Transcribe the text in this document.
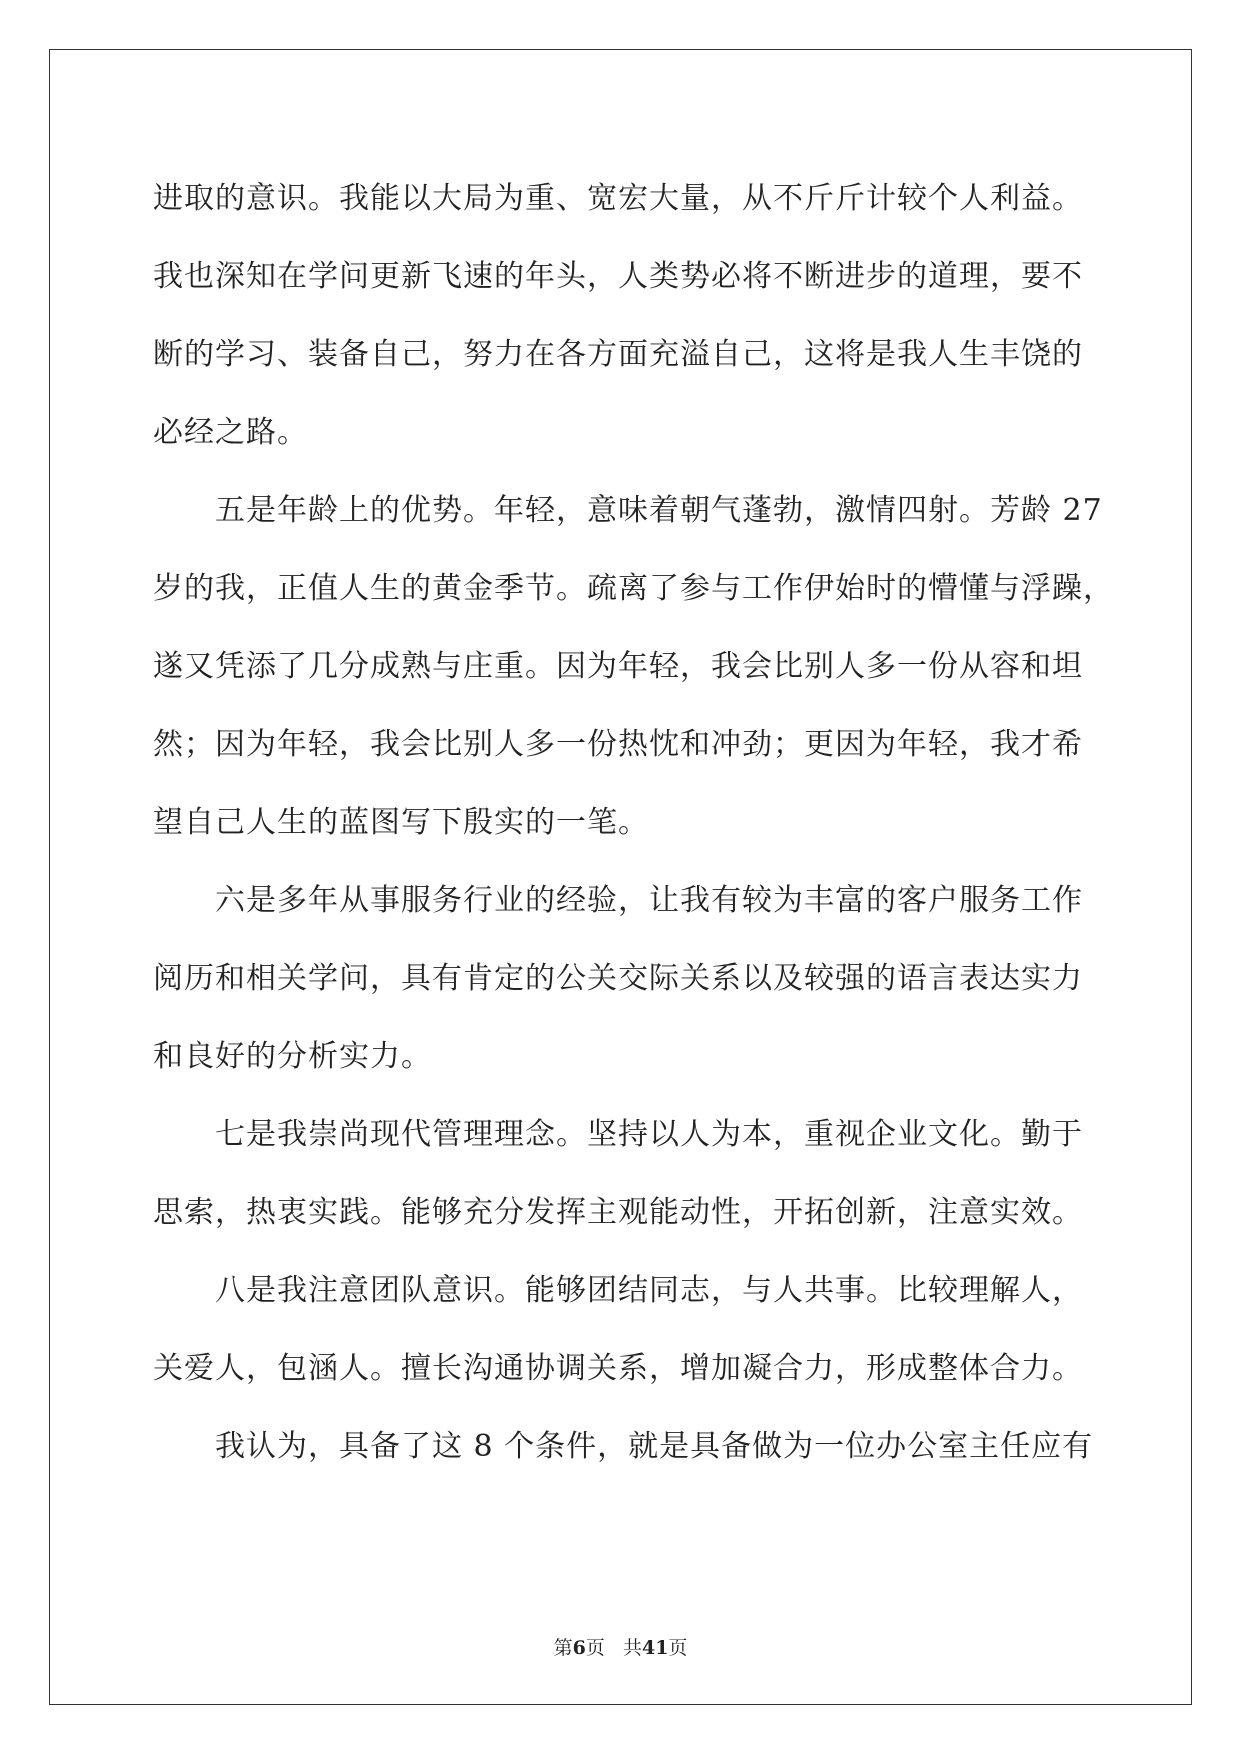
进取的意识。我能以大局为重、宽宏大量，从不斤斤计较个人利益。
我也深知在学问更新飞速的年头，人类势必将不断进步的道理，要不
断的学习、装备自己，努力在各方面充溢自己，这将是我人生丰饶的
必经之路。
五是年龄上的优势。年轻，意味着朝气蓬勃，激情四射。芳龄 27
岁的我，正值人生的黄金季节。疏离了参与工作伊始时的懵懂与浮躁，
遂又凭添了几分成熟与庄重。因为年轻，我会比别人多一份从容和坦
然；因为年轻，我会比别人多一份热忱和冲劲；更因为年轻，我才希
望自己人生的蓝图写下殷实的一笔。
六是多年从事服务行业的经验，让我有较为丰富的客户服务工作
阅历和相关学问，具有肯定的公关交际关系以及较强的语言表达实力
和良好的分析实力。
七是我崇尚现代管理理念。坚持以人为本，重视企业文化。勤于
思索，热衷实践。能够充分发挥主观能动性，开拓创新，注意实效。
八是我注意团队意识。能够团结同志，与人共事。比较理解人，
关爱人，包涵人。擅长沟通协调关系，增加凝合力，形成整体合力。
我认为，具备了这 8 个条件，就是具备做为一位办公室主任应有
第6页 共41页
